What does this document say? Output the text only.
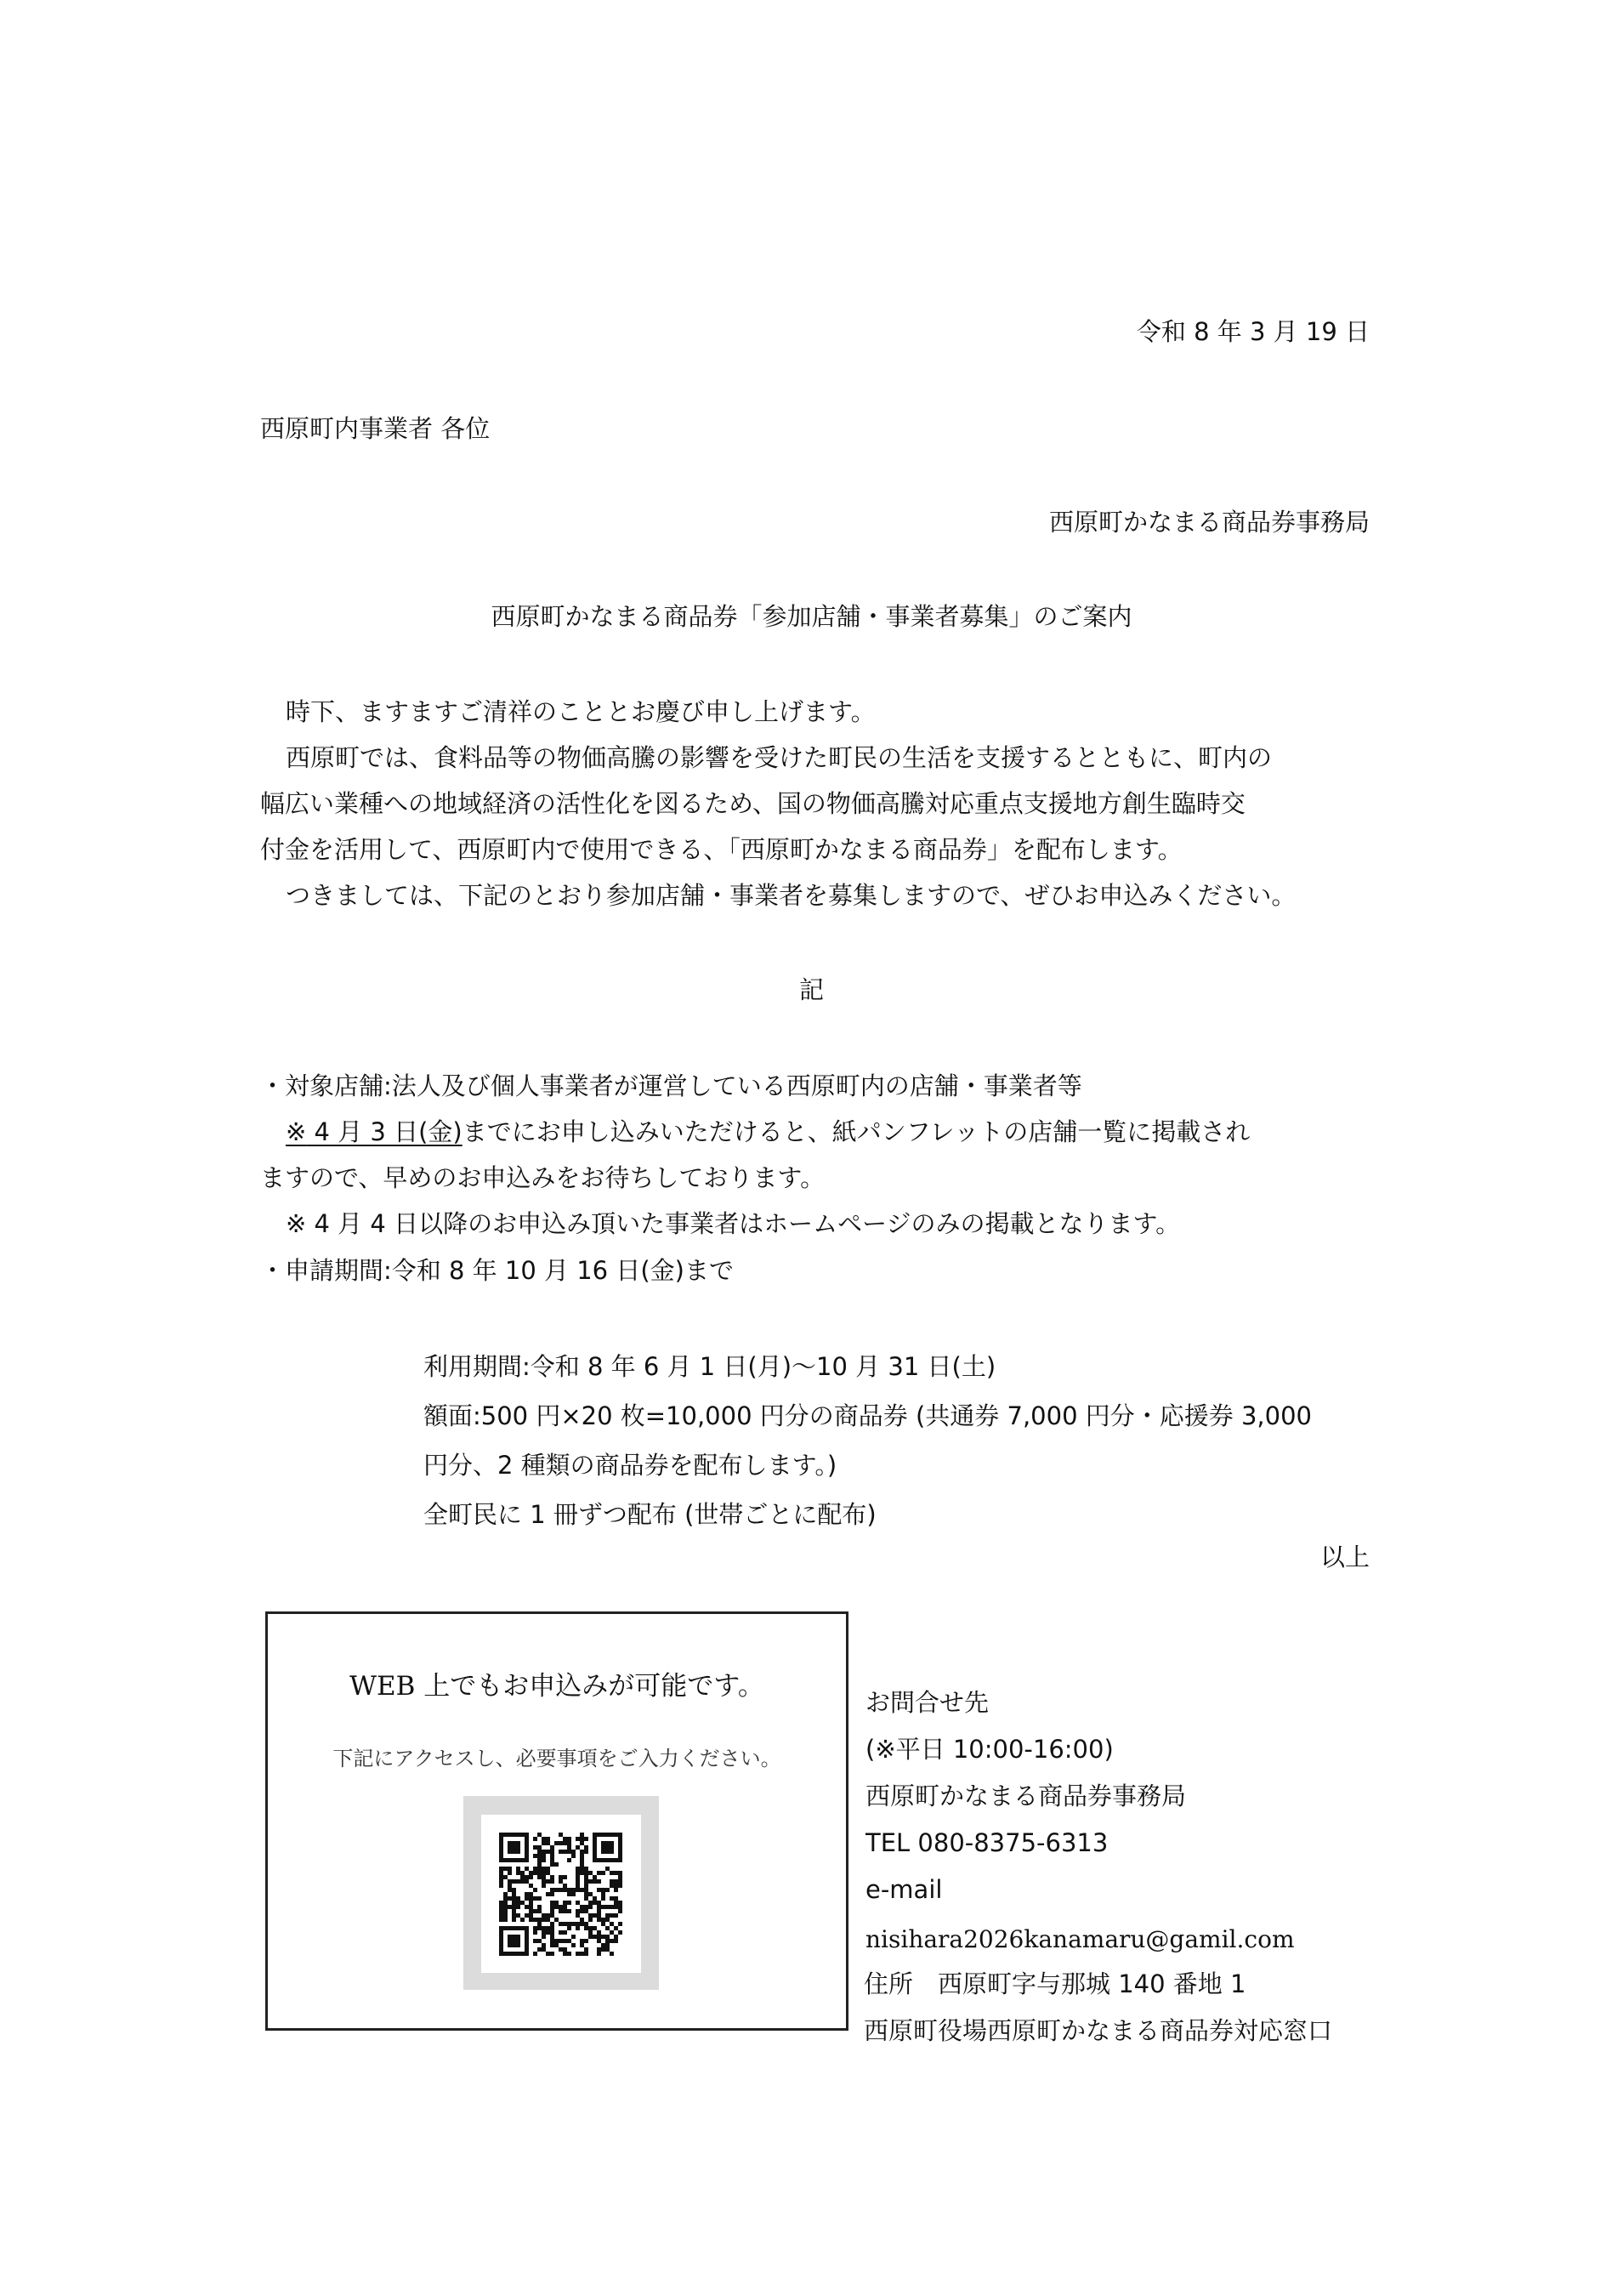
令和 8 年 3 月 19 日
西原町内事業者 各位
西原町かなまる商品券事務局
西原町かなまる商品券「参加店舗・事業者募集」のご案内
時下、ますますご清祥のこととお慶び申し上げます。
西原町では、食料品等の物価高騰の影響を受けた町民の生活を支援するとともに、町内の
幅広い業種への地域経済の活性化を図るため、国の物価高騰対応重点支援地方創生臨時交
付金を活用して、西原町内で使用できる、「西原町かなまる商品券」を配布します。
つきましては、下記のとおり参加店舗・事業者を募集しますので、ぜひお申込みください。
記
・対象店舗:法人及び個人事業者が運営している西原町内の店舗・事業者等
※ 4 月 3 日(金)までにお申し込みいただけると、紙パンフレットの店舗一覧に掲載され
ますので、早めのお申込みをお待ちしております。
※ 4 月 4 日以降のお申込み頂いた事業者はホームページのみの掲載となります。
・申請期間:令和 8 年 10 月 16 日(金)まで
利用期間:令和 8 年 6 月 1 日(月)～10 月 31 日(土)
額面:500 円×20 枚=10,000 円分の商品券 (共通券 7,000 円分・応援券 3,000
円分、2 種類の商品券を配布します。)
全町民に 1 冊ずつ配布 (世帯ごとに配布)
以上
WEB 上でもお申込みが可能です。
下記にアクセスし、必要事項をご入力ください。
お問合せ先
(※平日 10:00-16:00)
西原町かなまる商品券事務局
TEL 080-8375-6313
e-mail
nisihara2026kanamaru@gamil.com
住所　西原町字与那城 140 番地 1
西原町役場西原町かなまる商品券対応窓口
